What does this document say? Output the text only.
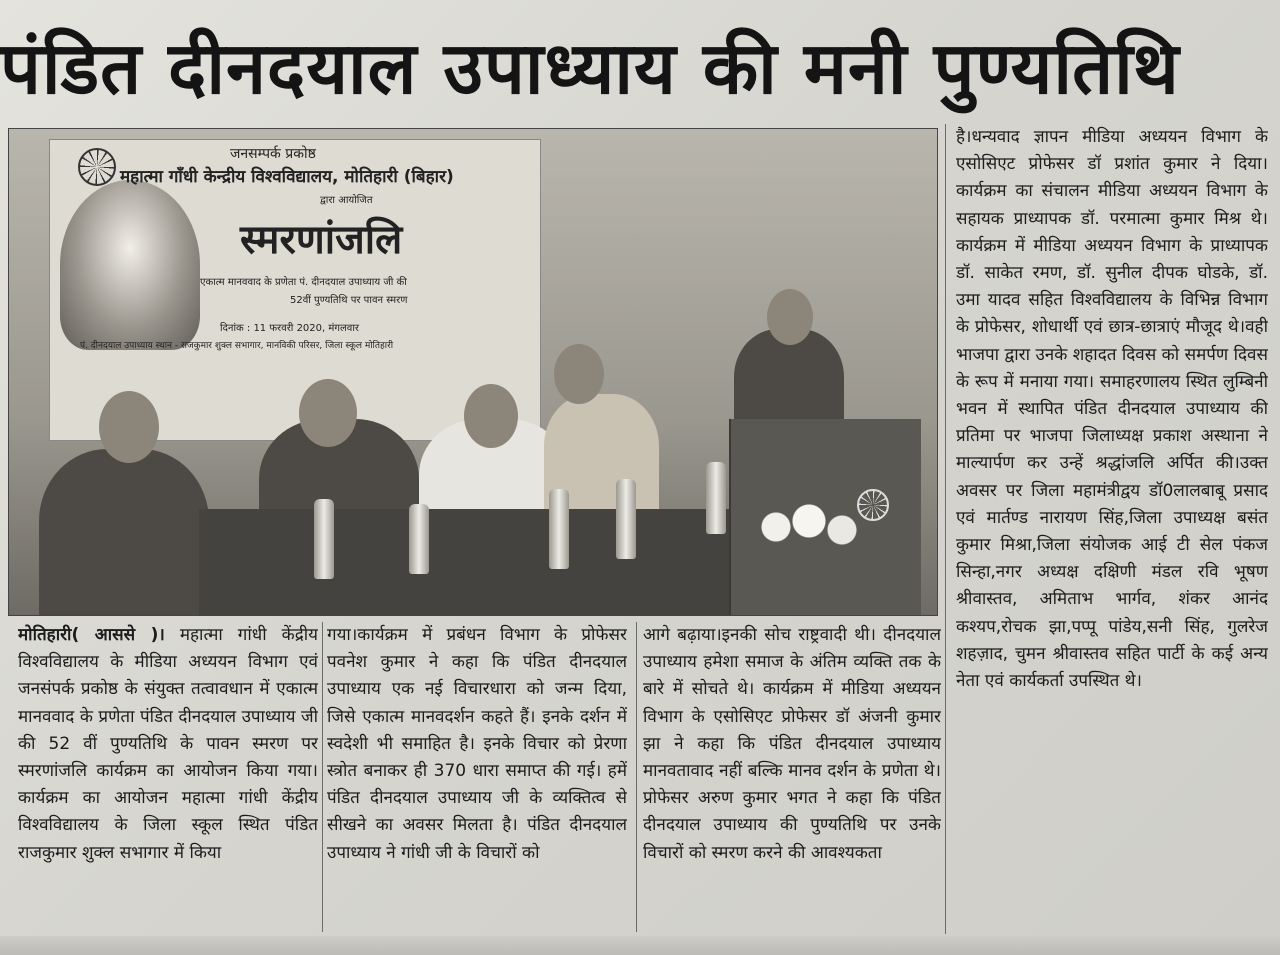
पंडित दीनदयाल उपाध्याय की मनी पुण्यतिथि
जनसम्पर्क प्रकोष्ठ
महात्मा गाँधी केन्द्रीय विश्वविद्यालय, मोतिहारी (बिहार)
द्वारा आयोजित
स्मरणांजलि
एकात्म मानववाद के प्रणेता पं. दीनदयाल उपाध्याय जी की
52वीं पुण्यतिथि पर पावन स्मरण
दिनांक : 11 फरवरी 2020, मंगलवार
पं. दीनदयाल उपाध्याय स्थान - राजकुमार शुक्ल सभागार, मानविकी परिसर, जिला स्कूल मोतिहारी

मोतिहारी( आससे )। महात्मा गांधी केंद्रीय विश्वविद्यालय के मीडिया अध्ययन विभाग एवं जनसंपर्क प्रकोष्ठ के संयुक्त तत्वावधान में एकात्म मानववाद के प्रणेता पंडित दीनदयाल उपाध्याय जी की 52 वीं पुण्यतिथि के पावन स्मरण पर स्मरणांजलि कार्यक्रम का आयोजन किया गया।कार्यक्रम का आयोजन महात्मा गांधी केंद्रीय विश्वविद्यालय के जिला स्कूल स्थित पंडित राजकुमार शुक्ल सभागार में किया

गया।कार्यक्रम में प्रबंधन विभाग के प्रोफेसर पवनेश कुमार ने कहा कि पंडित दीनदयाल उपाध्याय एक नई विचारधारा को जन्म दिया, जिसे एकात्म मानवदर्शन कहते हैं। इनके दर्शन में स्वदेशी भी समाहित है। इनके विचार को प्रेरणा स्त्रोत बनाकर ही 370 धारा समाप्त की गई। हमें पंडित दीनदयाल उपाध्याय जी के व्यक्तित्व से सीखने का अवसर मिलता है। पंडित दीनदयाल उपाध्याय ने गांधी जी के विचारों को

आगे बढ़ाया।इनकी सोच राष्ट्रवादी थी। दीनदयाल उपाध्याय हमेशा समाज के अंतिम व्यक्ति तक के बारे में सोचते थे। कार्यक्रम में मीडिया अध्ययन विभाग के एसोसिएट प्रोफेसर डॉ अंजनी कुमार झा ने कहा कि पंडित दीनदयाल उपाध्याय मानवतावाद नहीं बल्कि मानव दर्शन के प्रणेता थे। प्रोफेसर अरुण कुमार भगत ने कहा कि पंडित दीनदयाल उपाध्याय की पुण्यतिथि पर उनके विचारों को स्मरण करने की आवश्यकता

है।धन्यवाद ज्ञापन मीडिया अध्ययन विभाग के एसोसिएट प्रोफेसर डॉ प्रशांत कुमार ने दिया।कार्यक्रम का संचालन मीडिया अध्ययन विभाग के सहायक प्राध्यापक डॉ. परमात्मा कुमार मिश्र थे। कार्यक्रम में मीडिया अध्ययन विभाग के प्राध्यापक डॉ. साकेत रमण, डॉ. सुनील दीपक घोडके, डॉ. उमा यादव सहित विश्वविद्यालय के विभिन्न विभाग के प्रोफेसर, शोधार्थी एवं छात्र-छात्राएं मौजूद थे।वही भाजपा द्वारा उनके शहादत दिवस को समर्पण दिवस के रूप में मनाया गया। समाहरणालय स्थित लुम्बिनी भवन में स्थापित पंडित दीनदयाल उपाध्याय की प्रतिमा पर भाजपा जिलाध्यक्ष प्रकाश अस्थाना ने माल्यार्पण कर उन्हें श्रद्धांजलि अर्पित की।उक्त अवसर पर जिला महामंत्रीद्वय डॉ0लालबाबू प्रसाद एवं मार्तण्ड नारायण सिंह,जिला उपाध्यक्ष बसंत कुमार मिश्रा,जिला संयोजक आई टी सेल पंकज सिन्हा,नगर अध्यक्ष दक्षिणी मंडल रवि भूषण श्रीवास्तव, अमिताभ भार्गव, शंकर आनंद कश्यप,रोचक झा,पप्पू पांडेय,सनी सिंह, गुलरेज शहज़ाद, चुमन श्रीवास्तव सहित पार्टी के कई अन्य नेता एवं कार्यकर्ता उपस्थित थे।
